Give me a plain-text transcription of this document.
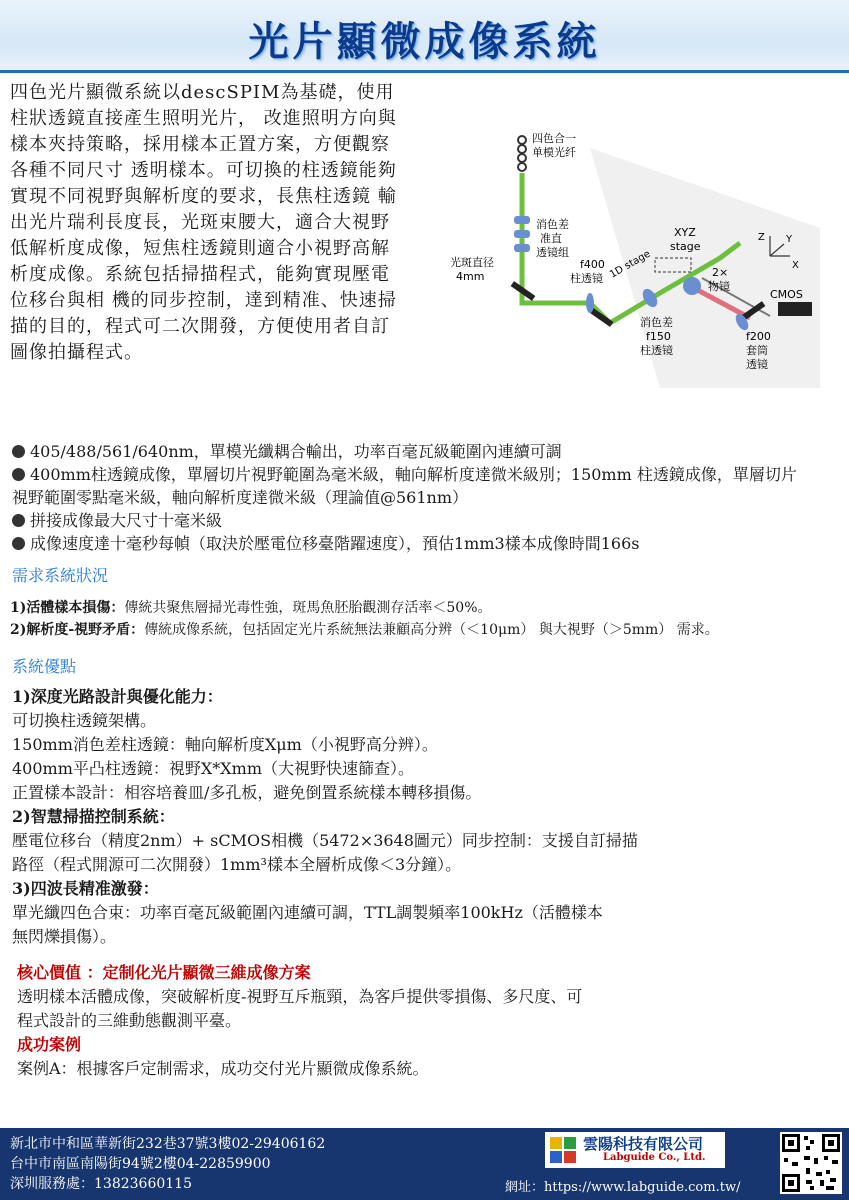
光片顯微成像系統

四色光片顯微系統以descSPIM為基礎，使用柱狀透鏡直接產生照明光片， 改進照明方向與樣本夾持策略，採用樣本正置方案，方便觀察各種不同尺寸 透明樣本。可切換的柱透鏡能夠實現不同視野與解析度的要求，長焦柱透鏡 輸出光片瑞利長度長，光斑束腰大，適合大視野低解析度成像，短焦柱透鏡則適合小視野高解析度成像。系統包括掃描程式，能夠實現壓電位移台與相 機的同步控制，達到精准、快速掃描的目的，程式可二次開發，方便使用者自訂圖像拍攝程式。

四色合一
单模光纤
消色差
准直
透镜组
光斑直径
4mm
f400
柱透镜 1D stage
消色差
f150
柱透镜
XYZ
stage
2×
物镜
f200
套筒
透镜
CMOS
Z Y
X
405/488/561/640nm，單模光纖耦合輸出，功率百毫瓦級範圍內連續可調
400mm柱透鏡成像，單層切片視野範圍為毫米級，軸向解析度達微米級別；150mm 柱透鏡成像，單層切片視野範圍零點毫米級，軸向解析度達微米級（理論值@561nm）
拼接成像最大尺寸十毫米級
成像速度達十毫秒每幀（取決於壓電位移臺階躍速度），預估1mm3樣本成像時間166s
需求系統狀況
1)活體樣本損傷：傳統共聚焦層掃光毒性強，斑馬魚胚胎觀測存活率＜50%。
2)解析度-視野矛盾：傳統成像系統，包括固定光片系統無法兼顧高分辨（＜10μm） 與大視野（＞5mm） 需求。
系統優點

1)深度光路設計與優化能力：

可切換柱透鏡架構。

150mm消色差柱透鏡：軸向解析度Xμm（小視野高分辨）。

400mm平凸柱透鏡：視野X*Xmm（大視野快速篩查）。

正置樣本設計：相容培養皿/多孔板，避免倒置系統樣本轉移損傷。

2)智慧掃描控制系統：

壓電位移台（精度2nm）+ sCMOS相機（5472×3648圖元）同步控制：支援自訂掃描

路徑（程式開源可二次開發）1mm³樣本全層析成像＜3分鐘）。

3)四波長精准激發：

單光纖四色合束：功率百毫瓦級範圍內連續可調，TTL調製頻率100kHz（活體樣本

無閃爍損傷）。

核心價值 ：定制化光片顯微三維成像方案

透明樣本活體成像，突破解析度-視野互斥瓶頸，為客戶提供零損傷、多尺度、可

程式設計的三維動態觀測平臺。

成功案例

案例A：根據客戶定制需求，成功交付光片顯微成像系統。

新北市中和區華新街232巷37號3樓02-29406162
台中市南區南陽街94號2樓04-22859900
深圳服務處：13823660115
雲陽科技有限公司
Labguide Co., Ltd.
網址：https://www.labguide.com.tw/
